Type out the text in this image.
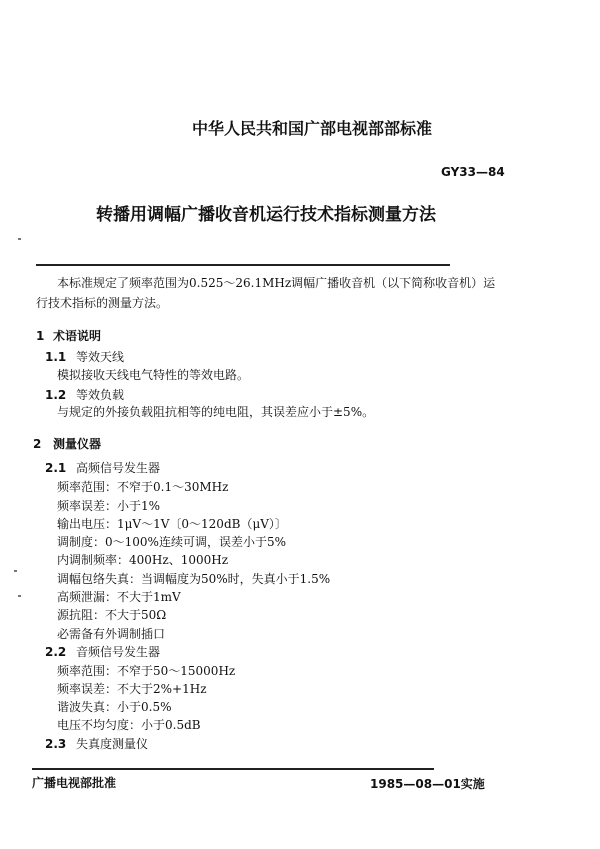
中华人民共和国广部电视部部标准
GY33—84
转播用调幅广播收音机运行技术指标测量方法
本标准规定了频率范围为0.525～26.1MHz调幅广播收音机（以下简称收音机）运
行技术指标的测量方法。
1 术语说明
1.1 等效天线
模拟接收天线电气特性的等效电路。
1.2 等效负载
与规定的外接负载阻抗相等的纯电阻，其误差应小于±5%。
2 测量仪器
2.1 高频信号发生器
频率范围：不窄于0.1～30MHz
频率误差：小于1%
输出电压：1μV～1V〔0～120dB（μV）〕
调制度：0～100%连续可调，误差小于5%
内调制频率：400Hz、1000Hz
调幅包络失真：当调幅度为50%时，失真小于1.5%
高频泄漏：不大于1mV
源抗阻：不大于50Ω
必需备有外调制插口
2.2 音频信号发生器
频率范围：不窄于50～15000Hz
频率误差：不大于2%+1Hz
谐波失真：小于0.5%
电压不均匀度：小于0.5dB
2.3 失真度测量仪
广播电视部批准	1985—08—01实施
